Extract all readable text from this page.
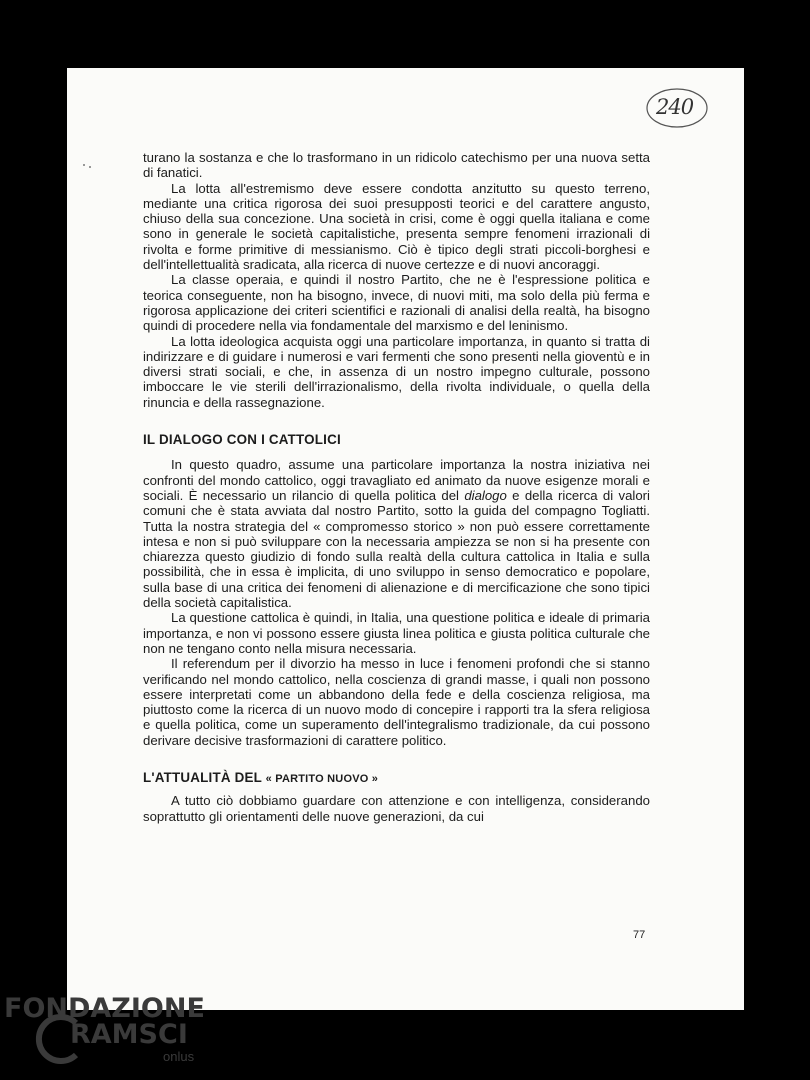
240

turano la sostanza e che lo trasformano in un ridicolo catechismo per una nuova setta di fanatici.

La lotta all'estremismo deve essere condotta anzitutto su questo terreno, mediante una critica rigorosa dei suoi presupposti teorici e del carattere angusto, chiuso della sua concezione. Una società in crisi, come è oggi quella italiana e come sono in generale le società capitalistiche, presenta sempre fenomeni irrazionali di rivolta e forme primitive di messianismo. Ciò è tipico degli strati piccoli-borghesi e dell'intellettualità sradicata, alla ricerca di nuove certezze e di nuovi ancoraggi.

La classe operaia, e quindi il nostro Partito, che ne è l'espressione politica e teorica conseguente, non ha bisogno, invece, di nuovi miti, ma solo della più ferma e rigorosa applicazione dei criteri scientifici e razionali di analisi della realtà, ha bisogno quindi di procedere nella via fondamentale del marxismo e del leninismo.

La lotta ideologica acquista oggi una particolare importanza, in quanto si tratta di indirizzare e di guidare i numerosi e vari fermenti che sono presenti nella gioventù e in diversi strati sociali, e che, in assenza di un nostro impegno culturale, possono imboccare le vie sterili dell'irrazionalismo, della rivolta individuale, o quella della rinuncia e della rassegnazione.

IL DIALOGO CON I CATTOLICI

In questo quadro, assume una particolare importanza la nostra iniziativa nei confronti del mondo cattolico, oggi travagliato ed animato da nuove esigenze morali e sociali. È necessario un rilancio di quella politica del dialogo e della ricerca di valori comuni che è stata avviata dal nostro Partito, sotto la guida del compagno Togliatti. Tutta la nostra strategia del « compromesso storico » non può essere correttamente intesa e non si può sviluppare con la necessaria ampiezza se non si ha presente con chiarezza questo giudizio di fondo sulla realtà della cultura cattolica in Italia e sulla possibilità, che in essa è implicita, di uno sviluppo in senso democratico e popolare, sulla base di una critica dei fenomeni di alienazione e di mercificazione che sono tipici della società capitalistica.

La questione cattolica è quindi, in Italia, una questione politica e ideale di primaria importanza, e non vi possono essere giusta linea politica e giusta politica culturale che non ne tengano conto nella misura necessaria.

Il referendum per il divorzio ha messo in luce i fenomeni profondi che si stanno verificando nel mondo cattolico, nella coscienza di grandi masse, i quali non possono essere interpretati come un abbandono della fede e della coscienza religiosa, ma piuttosto come la ricerca di un nuovo modo di concepire i rapporti tra la sfera religiosa e quella politica, come un superamento dell'integralismo tradizionale, da cui possono derivare decisive trasformazioni di carattere politico.

L'ATTUALITÀ DEL « PARTITO NUOVO »

A tutto ciò dobbiamo guardare con attenzione e con intelligenza, considerando soprattutto gli orientamenti delle nuove generazioni, da cui

77
FONDAZIONE
RAMSCI
onlus
